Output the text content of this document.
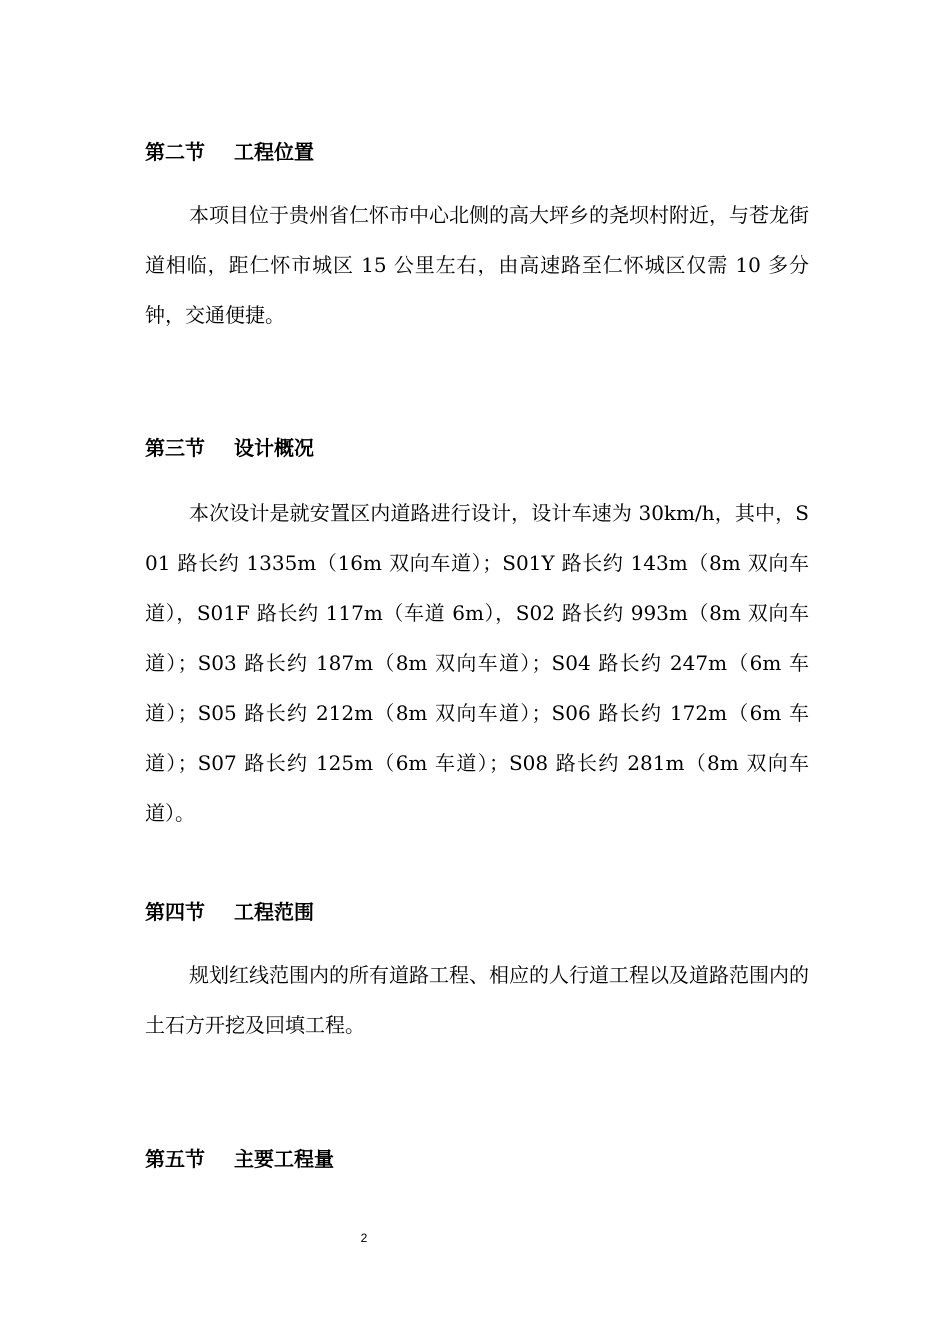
第二节 工程位置

本项目位于贵州省仁怀市中心北侧的高大坪乡的尧坝村附近，与苍龙街道相临，距仁怀市城区 15 公里左右，由高速路至仁怀城区仅需 10 多分钟，交通便捷。

第三节 设计概况

本次设计是就安置区内道路进行设计，设计车速为 30km/h，其中，S01 路长约 1335m（16m 双向车道）；S01Y 路长约 143m（8m 双向车道），S01F 路长约 117m（车道 6m），S02 路长约 993m（8m 双向车道）；S03 路长约 187m（8m 双向车道）；S04 路长约 247m（6m 车道）；S05 路长约 212m（8m 双向车道）；S06 路长约 172m（6m 车道）；S07 路长约 125m（6m 车道）；S08 路长约 281m（8m 双向车道）。

第四节 工程范围

规划红线范围内的所有道路工程、相应的人行道工程以及道路范围内的土石方开挖及回填工程。

第五节 主要工程量
2
